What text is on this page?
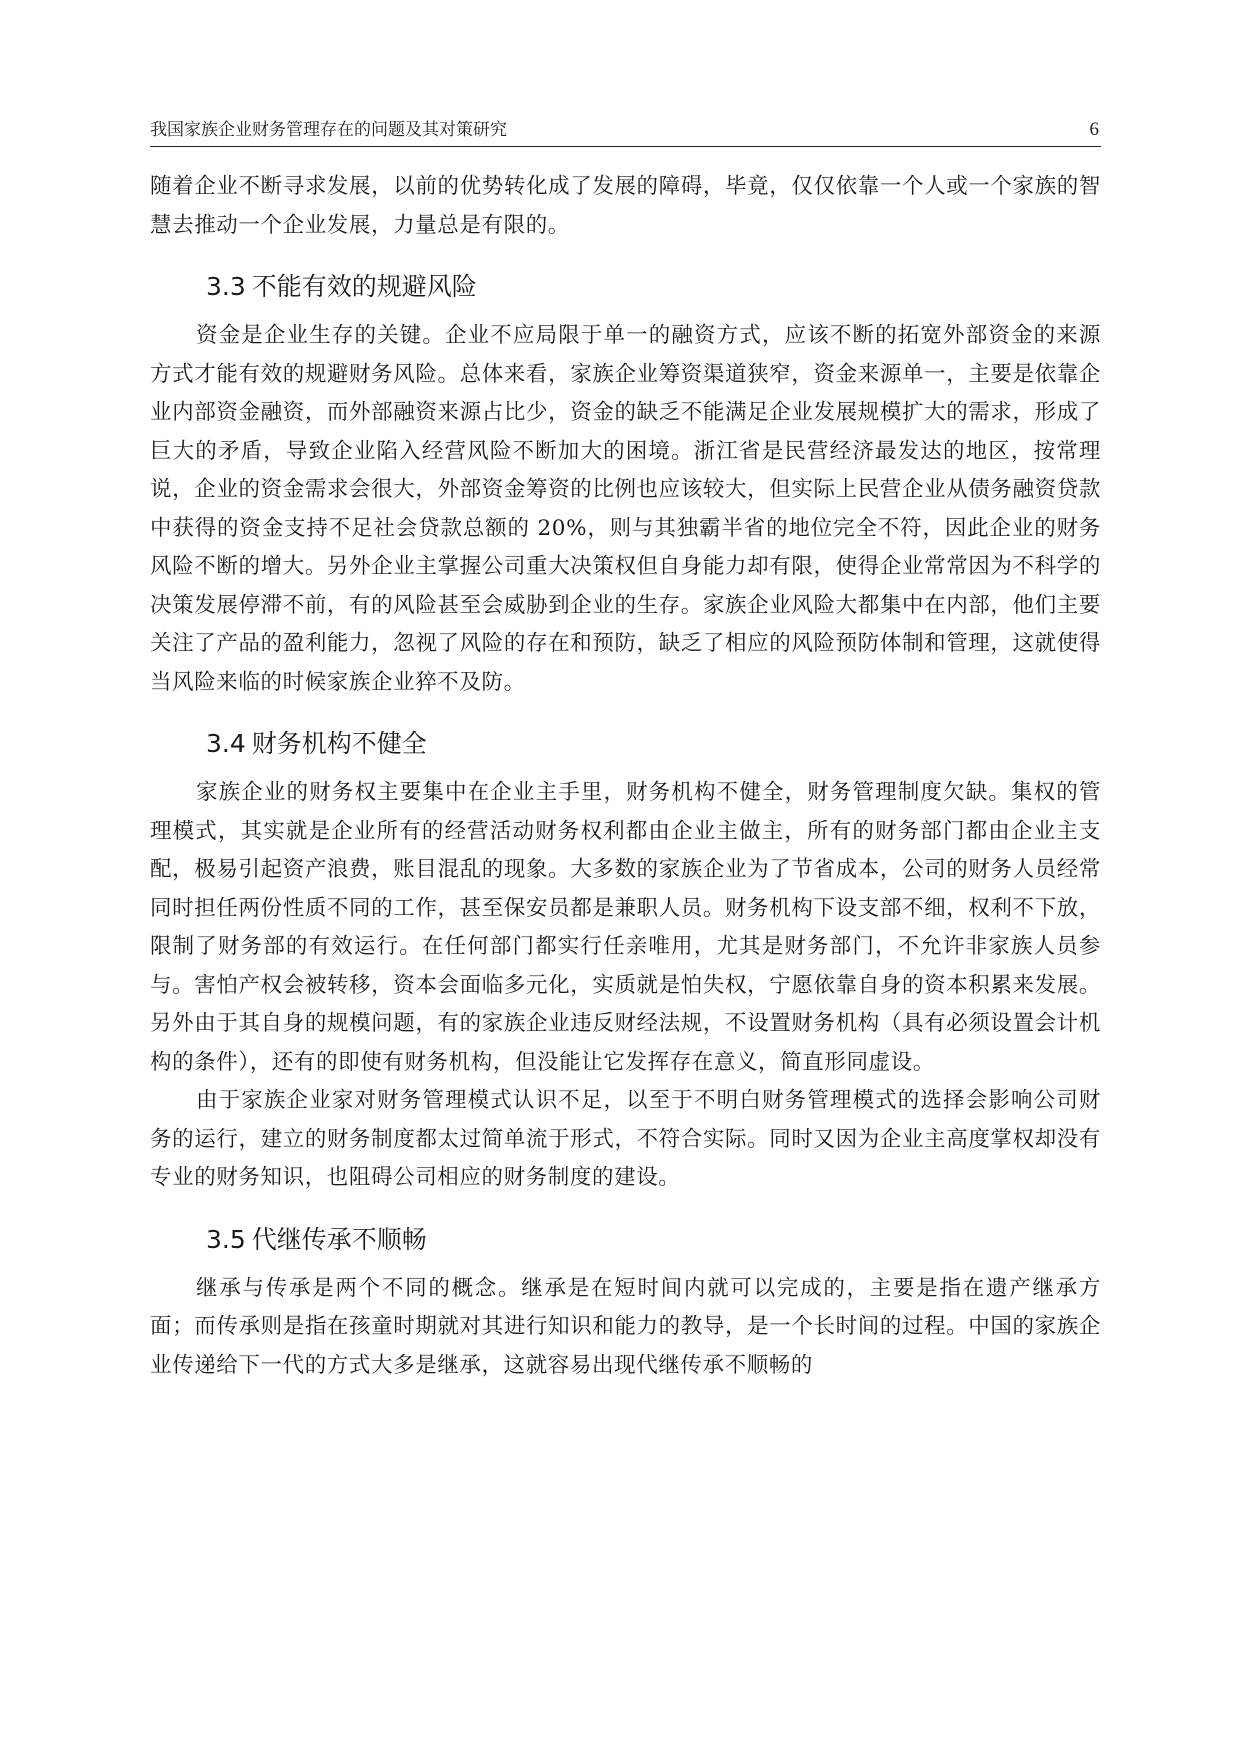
我国家族企业财务管理存在的问题及其对策研究	6

随着企业不断寻求发展，以前的优势转化成了发展的障碍，毕竟，仅仅依靠一个人或一个家族的智慧去推动一个企业发展，力量总是有限的。

3.3 不能有效的规避风险

资金是企业生存的关键。企业不应局限于单一的融资方式，应该不断的拓宽外部资金的来源方式才能有效的规避财务风险。总体来看，家族企业筹资渠道狭窄，资金来源单一，主要是依靠企业内部资金融资，而外部融资来源占比少，资金的缺乏不能满足企业发展规模扩大的需求，形成了巨大的矛盾，导致企业陷入经营风险不断加大的困境。浙江省是民营经济最发达的地区，按常理说，企业的资金需求会很大，外部资金筹资的比例也应该较大，但实际上民营企业从债务融资贷款中获得的资金支持不足社会贷款总额的 20%，则与其独霸半省的地位完全不符，因此企业的财务风险不断的增大。另外企业主掌握公司重大决策权但自身能力却有限，使得企业常常因为不科学的决策发展停滞不前，有的风险甚至会威胁到企业的生存。家族企业风险大都集中在内部，他们主要关注了产品的盈利能力，忽视了风险的存在和预防，缺乏了相应的风险预防体制和管理，这就使得当风险来临的时候家族企业猝不及防。

3.4 财务机构不健全

家族企业的财务权主要集中在企业主手里，财务机构不健全，财务管理制度欠缺。集权的管理模式，其实就是企业所有的经营活动财务权利都由企业主做主，所有的财务部门都由企业主支配，极易引起资产浪费，账目混乱的现象。大多数的家族企业为了节省成本，公司的财务人员经常同时担任两份性质不同的工作，甚至保安员都是兼职人员。财务机构下设支部不细，权利不下放，限制了财务部的有效运行。在任何部门都实行任亲唯用，尤其是财务部门，不允许非家族人员参与。害怕产权会被转移，资本会面临多元化，实质就是怕失权，宁愿依靠自身的资本积累来发展。另外由于其自身的规模问题，有的家族企业违反财经法规，不设置财务机构（具有必须设置会计机构的条件），还有的即使有财务机构，但没能让它发挥存在意义，简直形同虚设。

由于家族企业家对财务管理模式认识不足，以至于不明白财务管理模式的选择会影响公司财务的运行，建立的财务制度都太过简单流于形式，不符合实际。同时又因为企业主高度掌权却没有专业的财务知识，也阻碍公司相应的财务制度的建设。

3.5 代继传承不顺畅

继承与传承是两个不同的概念。继承是在短时间内就可以完成的，主要是指在遗产继承方面；而传承则是指在孩童时期就对其进行知识和能力的教导，是一个长时间的过程。中国的家族企业传递给下一代的方式大多是继承，这就容易出现代继传承不顺畅的
